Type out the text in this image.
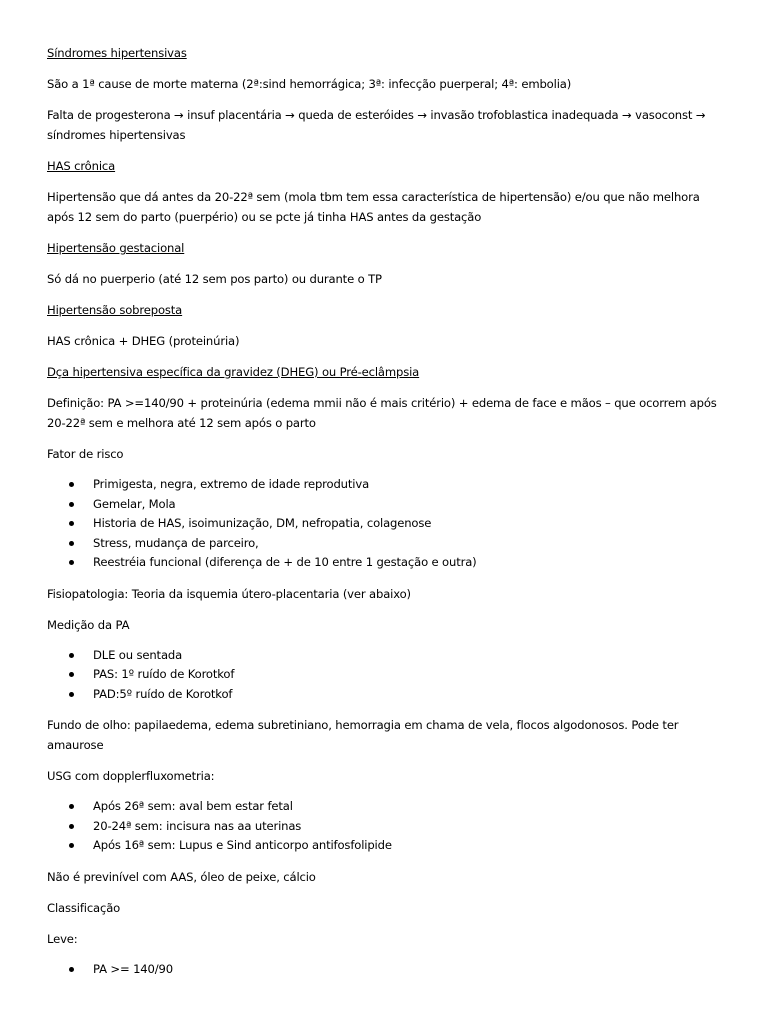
Síndromes hipertensivas
São a 1ª cause de morte materna (2ª:sind hemorrágica; 3ª: infecção puerperal; 4ª: embolia)
Falta de progesterona → insuf placentária → queda de esteróides → invasão trofoblastica inadequada → vasoconst → síndromes hipertensivas
HAS crônica
Hipertensão que dá antes da 20-22ª sem (mola tbm tem essa característica de hipertensão) e/ou que não melhora após 12 sem do parto (puerpério) ou se pcte já tinha HAS antes da gestação
Hipertensão gestacional
Só dá no puerperio (até 12 sem pos parto) ou durante o TP
Hipertensão sobreposta
HAS crônica + DHEG (proteinúria)
Dça hipertensiva específica da gravidez (DHEG) ou Pré-eclâmpsia
Definição: PA >=140/90 + proteinúria (edema mmii não é mais critério) + edema de face e mãos – que ocorrem após 20-22ª sem e melhora até 12 sem após o parto
Fator de risco
Primigesta, negra, extremo de idade reprodutiva
Gemelar, Mola
Historia de HAS, isoimunização, DM, nefropatia, colagenose
Stress, mudança de parceiro,
Reestréia funcional (diferença de + de 10 entre 1 gestação e outra)
Fisiopatologia: Teoria da isquemia útero-placentaria (ver abaixo)
Medição da PA
DLE ou sentada
PAS: 1º ruído de Korotkof
PAD:5º ruído de Korotkof
Fundo de olho: papilaedema, edema subretiniano, hemorragia em chama de vela, flocos algodonosos. Pode ter amaurose
USG com dopplerfluxometria:
Após 26ª sem: aval bem estar fetal
20-24ª sem: incisura nas aa uterinas
Após 16ª sem: Lupus e Sind anticorpo antifosfolipide
Não é previnível com AAS, óleo de peixe, cálcio
Classificação
Leve:
PA >= 140/90
